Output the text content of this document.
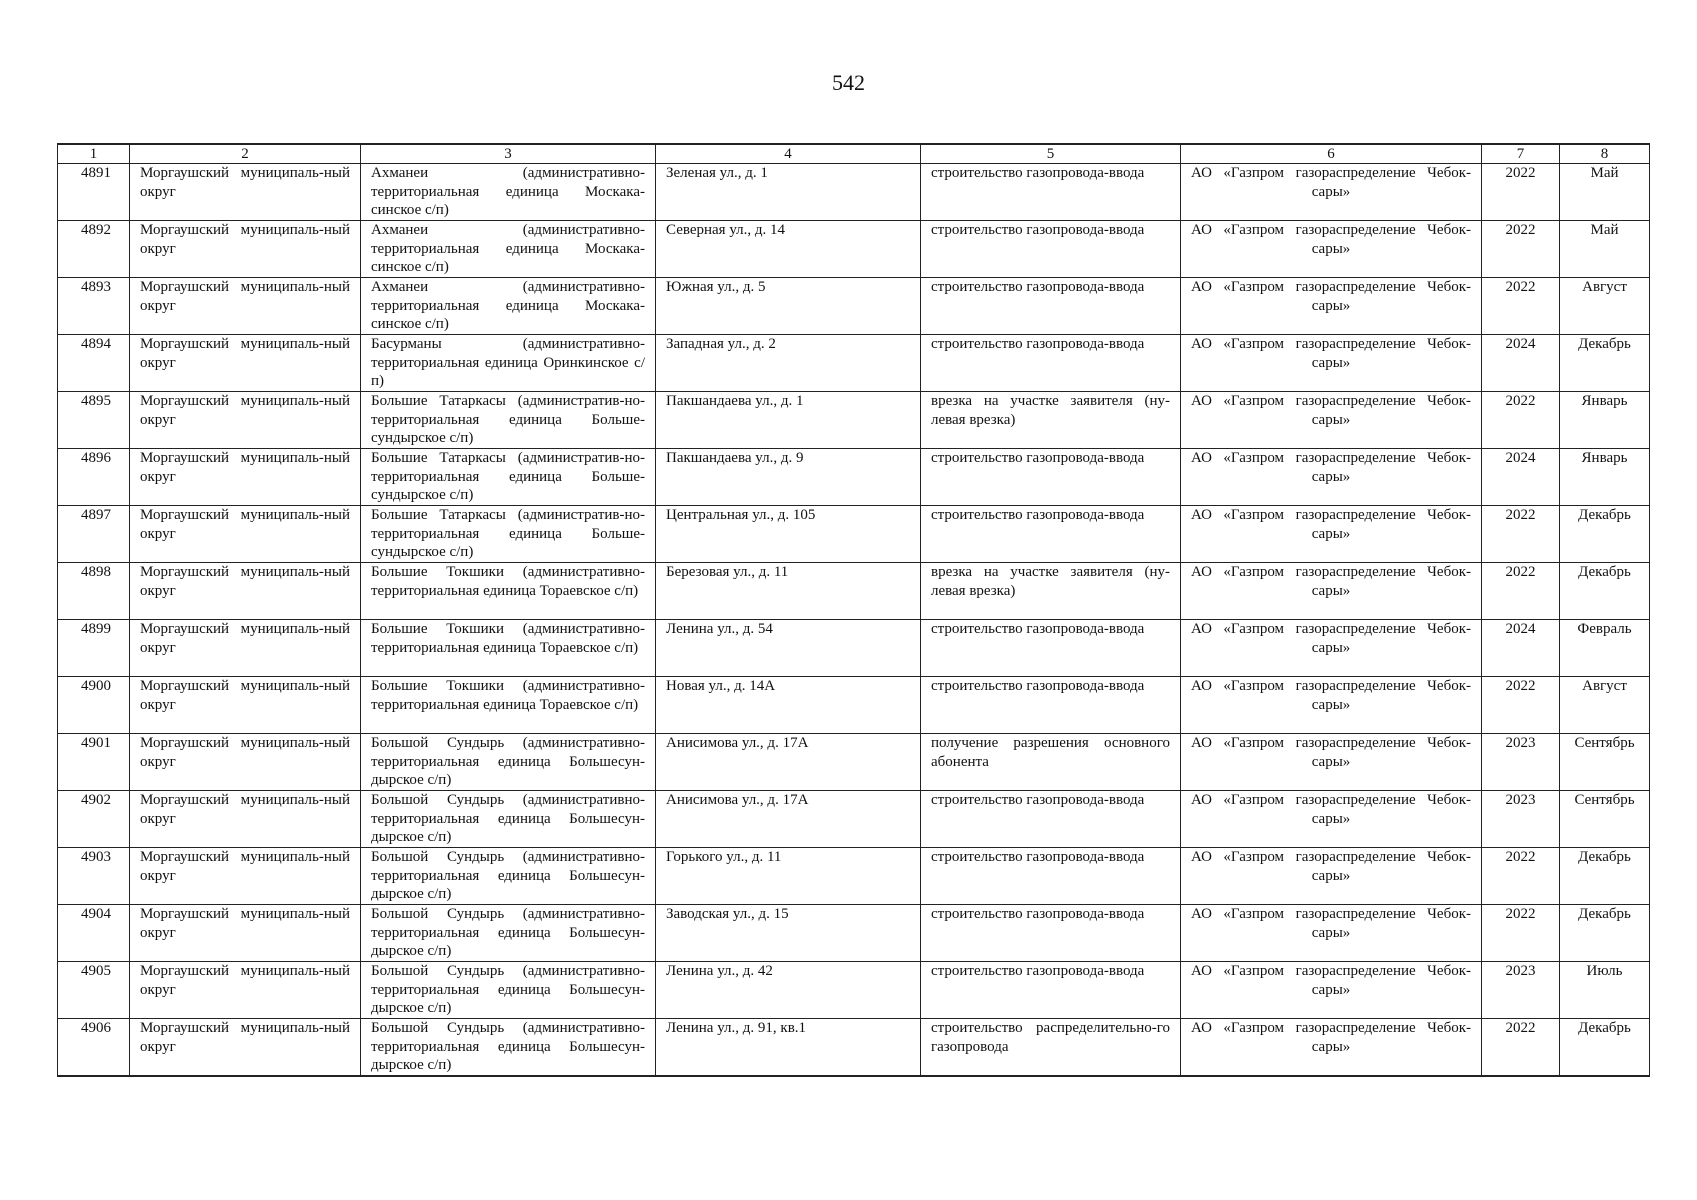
542
1	2	3	4	5	6	7	8
4891	Моргаушский муниципаль-ный округ	Ахманеи (административно-территориальная единица Москака-синское с/п)	Зеленая ул., д. 1	строительство газопровода-ввода	АО «Газпром газораспределение Чебок-сары»	2022	Май
4892	Моргаушский муниципаль-ный округ	Ахманеи (административно-территориальная единица Москака-синское с/п)	Северная ул., д. 14	строительство газопровода-ввода	АО «Газпром газораспределение Чебок-сары»	2022	Май
4893	Моргаушский муниципаль-ный округ	Ахманеи (административно-территориальная единица Москака-синское с/п)	Южная ул., д. 5	строительство газопровода-ввода	АО «Газпром газораспределение Чебок-сары»	2022	Август
4894	Моргаушский муниципаль-ный округ	Басурманы (административно-территориальная единица Оринкинское с/п)	Западная ул., д. 2	строительство газопровода-ввода	АО «Газпром газораспределение Чебок-сары»	2024	Декабрь
4895	Моргаушский муниципаль-ный округ	Большие Татаркасы (административ-но-территориальная единица Больше-сундырское с/п)	Пакшандаева ул., д. 1	врезка на участке заявителя (ну-левая врезка)	АО «Газпром газораспределение Чебок-сары»	2022	Январь
4896	Моргаушский муниципаль-ный округ	Большие Татаркасы (административ-но-территориальная единица Больше-сундырское с/п)	Пакшандаева ул., д. 9	строительство газопровода-ввода	АО «Газпром газораспределение Чебок-сары»	2024	Январь
4897	Моргаушский муниципаль-ный округ	Большие Татаркасы (административ-но-территориальная единица Больше-сундырское с/п)	Центральная ул., д. 105	строительство газопровода-ввода	АО «Газпром газораспределение Чебок-сары»	2022	Декабрь
4898	Моргаушский муниципаль-ный округ	Большие Токшики (административно-территориальная единица Тораевское с/п)	Березовая ул., д. 11	врезка на участке заявителя (ну-левая врезка)	АО «Газпром газораспределение Чебок-сары»	2022	Декабрь
4899	Моргаушский муниципаль-ный округ	Большие Токшики (административно-территориальная единица Тораевское с/п)	Ленина ул., д. 54	строительство газопровода-ввода	АО «Газпром газораспределение Чебок-сары»	2024	Февраль
4900	Моргаушский муниципаль-ный округ	Большие Токшики (административно-территориальная единица Тораевское с/п)	Новая ул., д. 14А	строительство газопровода-ввода	АО «Газпром газораспределение Чебок-сары»	2022	Август
4901	Моргаушский муниципаль-ный округ	Большой Сундырь (административно-территориальная единица Большесун-дырское с/п)	Анисимова ул., д. 17А	получение разрешения основного абонента	АО «Газпром газораспределение Чебок-сары»	2023	Сентябрь
4902	Моргаушский муниципаль-ный округ	Большой Сундырь (административно-территориальная единица Большесун-дырское с/п)	Анисимова ул., д. 17А	строительство газопровода-ввода	АО «Газпром газораспределение Чебок-сары»	2023	Сентябрь
4903	Моргаушский муниципаль-ный округ	Большой Сундырь (административно-территориальная единица Большесун-дырское с/п)	Горького ул., д. 11	строительство газопровода-ввода	АО «Газпром газораспределение Чебок-сары»	2022	Декабрь
4904	Моргаушский муниципаль-ный округ	Большой Сундырь (административно-территориальная единица Большесун-дырское с/п)	Заводская ул., д. 15	строительство газопровода-ввода	АО «Газпром газораспределение Чебок-сары»	2022	Декабрь
4905	Моргаушский муниципаль-ный округ	Большой Сундырь (административно-территориальная единица Большесун-дырское с/п)	Ленина ул., д. 42	строительство газопровода-ввода	АО «Газпром газораспределение Чебок-сары»	2023	Июль
4906	Моргаушский муниципаль-ный округ	Большой Сундырь (административно-территориальная единица Большесун-дырское с/п)	Ленина ул., д. 91, кв.1	строительство распределительно-го газопровода	АО «Газпром газораспределение Чебок-сары»	2022	Декабрь
